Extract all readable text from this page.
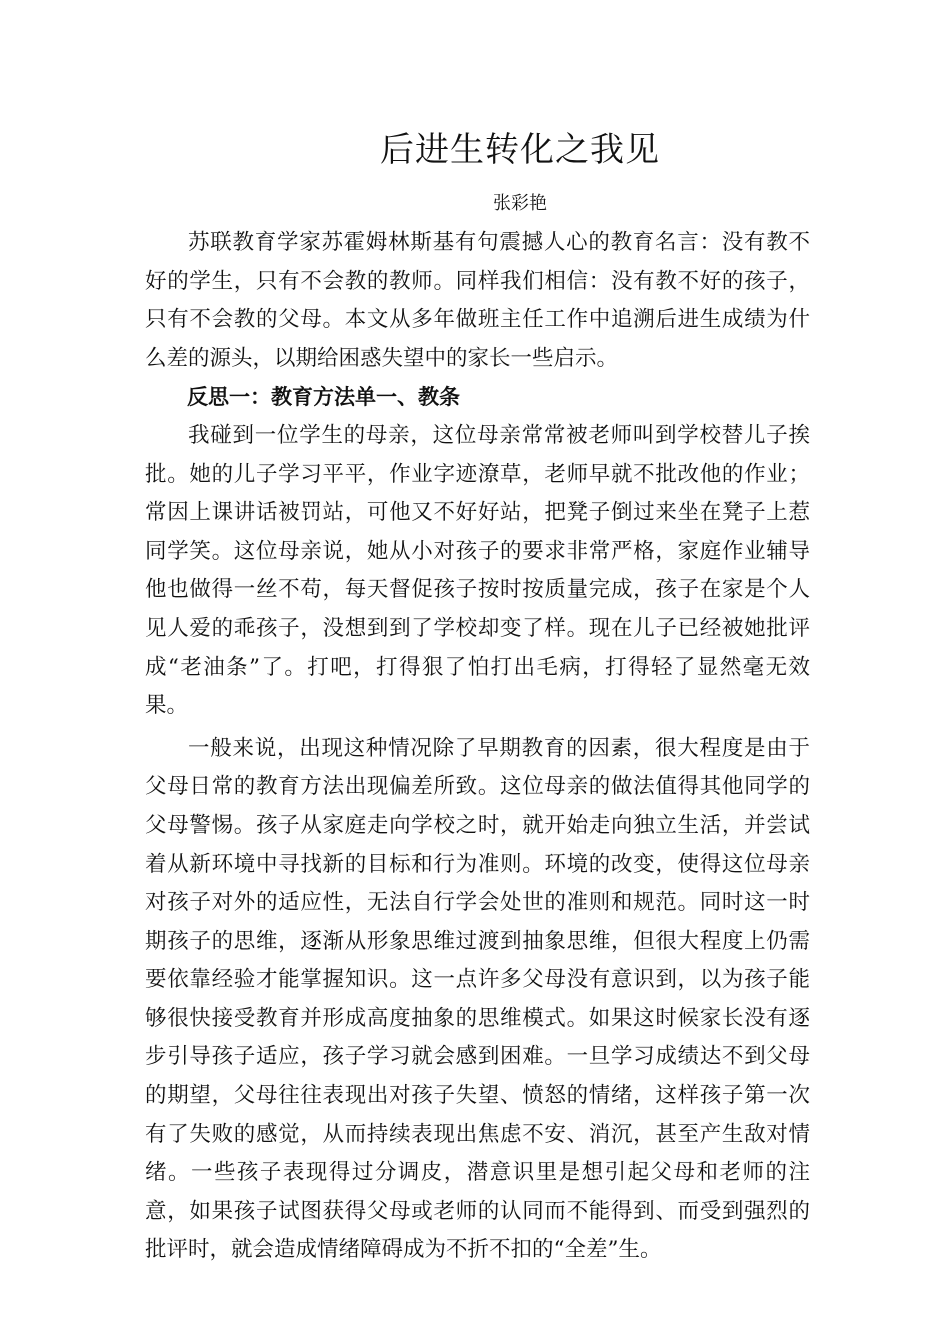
后进生转化之我见

张彩艳

苏联教育学家苏霍姆林斯基有句震撼人心的教育名言：没有教不好的学生，只有不会教的教师。同样我们相信：没有教不好的孩子，只有不会教的父母。本文从多年做班主任工作中追溯后进生成绩为什么差的源头，以期给困惑失望中的家长一些启示。

反思一：教育方法单一、教条

我碰到一位学生的母亲，这位母亲常常被老师叫到学校替儿子挨批。她的儿子学习平平，作业字迹潦草，老师早就不批改他的作业；常因上课讲话被罚站，可他又不好好站，把凳子倒过来坐在凳子上惹同学笑。这位母亲说，她从小对孩子的要求非常严格，家庭作业辅导他也做得一丝不苟，每天督促孩子按时按质量完成，孩子在家是个人见人爱的乖孩子，没想到到了学校却变了样。现在儿子已经被她批评成“老油条”了。打吧，打得狠了怕打出毛病，打得轻了显然毫无效果。

一般来说，出现这种情况除了早期教育的因素，很大程度是由于父母日常的教育方法出现偏差所致。这位母亲的做法值得其他同学的父母警惕。孩子从家庭走向学校之时，就开始走向独立生活，并尝试着从新环境中寻找新的目标和行为准则。环境的改变，使得这位母亲对孩子对外的适应性，无法自行学会处世的准则和规范。同时这一时期孩子的思维，逐渐从形象思维过渡到抽象思维，但很大程度上仍需要依靠经验才能掌握知识。这一点许多父母没有意识到，以为孩子能够很快接受教育并形成高度抽象的思维模式。如果这时候家长没有逐步引导孩子适应，孩子学习就会感到困难。一旦学习成绩达不到父母的期望，父母往往表现出对孩子失望、愤怒的情绪，这样孩子第一次有了失败的感觉，从而持续表现出焦虑不安、消沉，甚至产生敌对情绪。一些孩子表现得过分调皮，潜意识里是想引起父母和老师的注意，如果孩子试图获得父母或老师的认同而不能得到、而受到强烈的批评时，就会造成情绪障碍成为不折不扣的“全差”生。
